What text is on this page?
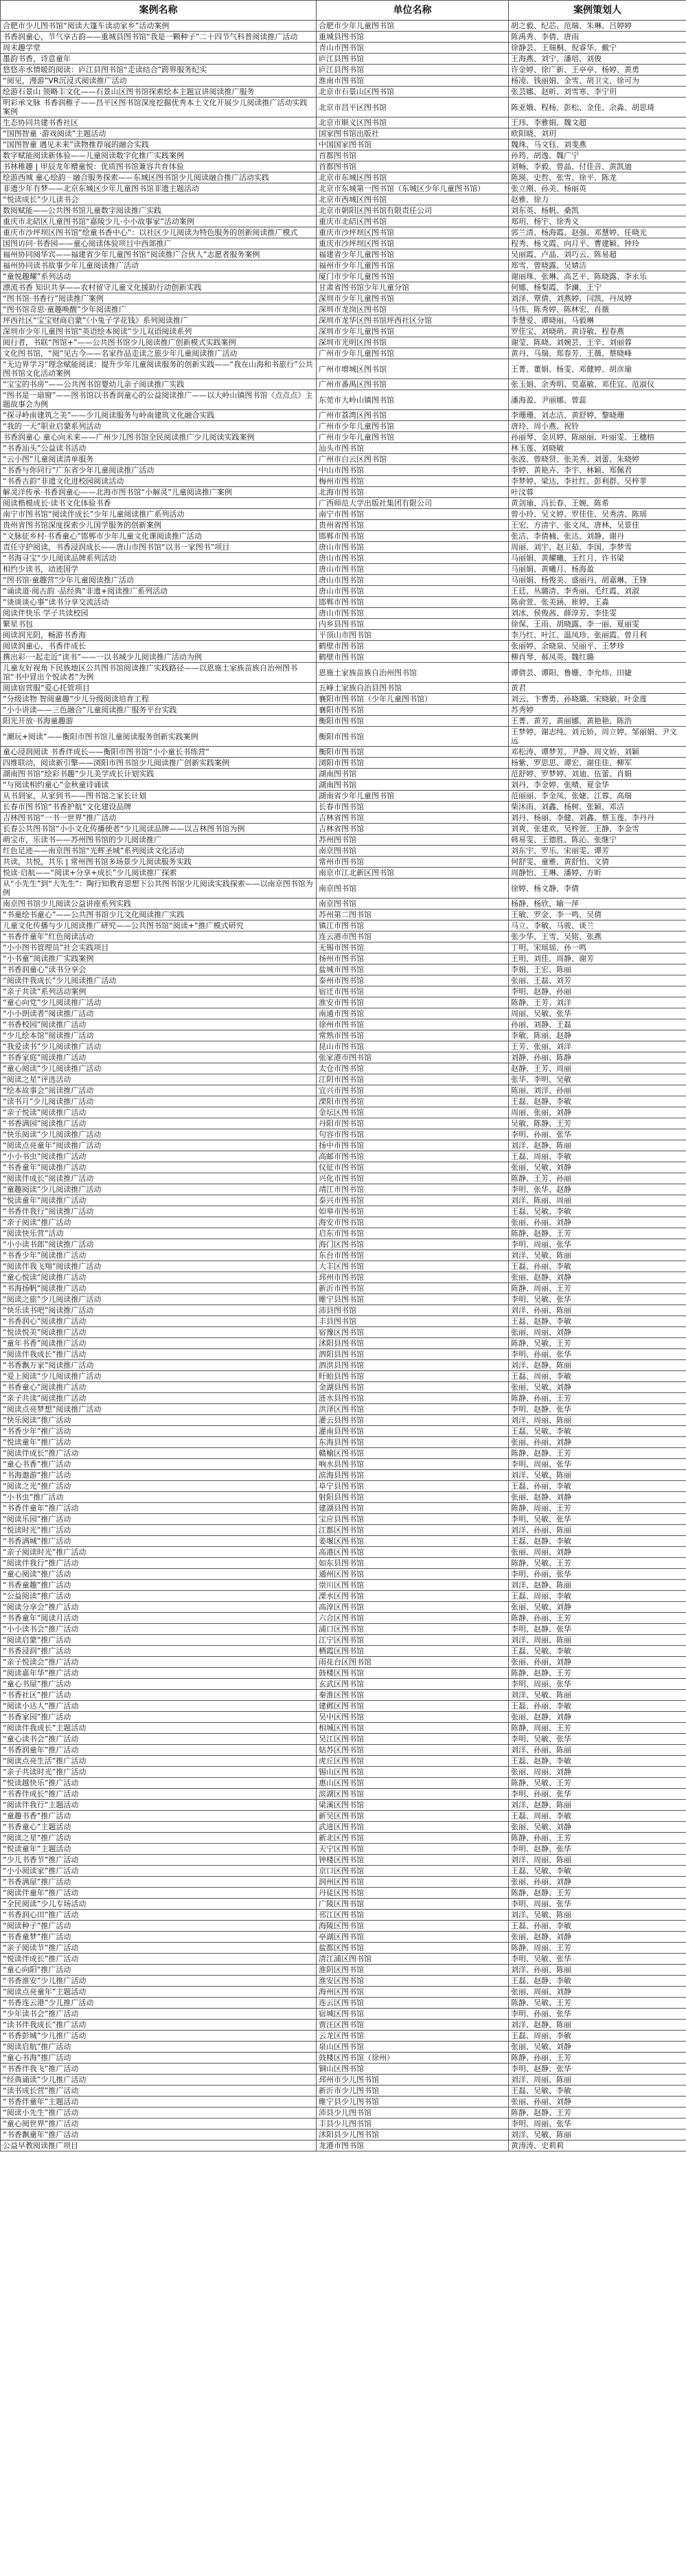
案例名称	单位名称	案例策划人
合肥市少儿图书馆“阅读大篷车读动家乡”活动案例	合肥市少年儿童图书馆	胡之毅、纪芯、范瑞、朱琳、吕婷婷
书香润童心，节气享古韵——重城县图书馆“我是一颗种子”二十四节气科普阅读推广活动	重城县图书馆	陈禹秀、李倩、唐雨
周末趣学堂	青山市图书馆	徐静芸、王瑞桐、倪睿华、戴宁
墨韵书香，诗意童年	庐江县图书馆	王海燕、刘宁、潘培、刘俊
悠悠赤水情暖的阅读：庐江县图书馆“走读结合”跨界服务纪实	庐江县图书馆	许金婷、徐广新、王亭亭、杨婷、黄勇
“阅见，漫游”VR沉浸式阅读推广活动	淮南市图书馆	杨凌、钱丽娟、金雪、胡卫文、徐可为
绘游石景山 领略丰文化——石景山区图书馆探索绘本主题宣讲阅读推广服务	北京市石景山区图书馆	张芸娜、赵昕、刘雪寒、李宁玥
明彩承文脉 书香润稚子——昌平区图书馆深度挖掘优秀本土文化开展少儿阅读推广活动实践案例	北京市昌平区图书馆	陈亚娥、程杨、彭松、金佳、余淼、胡思琦
生态协同共建书香社区	北京市顺义区图书馆	王玮、李雅娟、魏文超
“国图智童 ·游戏阅读”主题活动	国家图书馆出版社	欧阳晓、刘玥
“国图智童 遇见未来”读物推荐展的融合实践	中国国家图书馆	魏珠、马文钰、刘斐燕
数字赋能阅读新体验——儿童阅读数字化推广实践案例	首都图书馆	孙筠、胡逸、魏广宁
书林稚趣 | 甲辰龙年赠童悦：优质图书馆兼容共育体验	首都图书馆	刘畅、李毅、曾晶、付佳音、黄凯迪
绘游西城 童心绘韵 · 融合服务探索——东城区图书馆少儿阅读融合推广活动实践	北京市东城区图书馆	陈瑛、史哲、张雪、徐平、陈龙
非遗少年有梦——北京东城区少年儿童图书馆非遗主题活动	北京市东城第一图书馆（东城区少年儿童图书馆）	张立刚、孙美、杨丽英
“悦读成长”少儿读书会	北京市西城区图书馆	赵雅、徐力
数阅赋能——公共图书馆儿童数字阅读推广实践	北京市朝阳区图书馆有限责任公司	刘东英、杨帆、桑凯
重庆市北碚区儿童图书馆“嘉陵少儿·小小故事家”活动案例	重庆市北碚区图书馆	郑玥、杨宇、徐秀义
重庆市沙坪坝区图书馆“绘童书香中心”：以社区少儿阅读为特色服务的创新阅读推广模式	重庆市沙坪坝区图书馆	郭兰清、杨海霞、赵强、邓慧婷、任晓光
国图访问·书香园——童心阅读体验项目中西部推广	重庆市沙坪坝区图书馆	程秀、杨文霞、向月平、曹建颖、钟玲
福州协同阅华宾——福建省少年儿童图书馆“阅读推广合伙人”志愿者服务案例	福建省少年儿童图书馆	吴丽霞、卢晶、刘巧云、陈易超
福州协同读书故事少年儿童阅读推广活动	福州市少年儿童图书馆	郑雪、曾晓露、吴婧洁
“童悦趣耀”系列活动	厦门市少年儿童图书馆	谢丽珠、张琳、高艺平、陈晓露、李永乐
漂流书香 知识共享——农村留守儿童文化援助行动创新实践	甘肃省图书馆少年儿童分馆	何娜、杨梨霞、李澜、王宁
“图书馆·书香行”阅读推广案例	深圳市少年儿童图书馆	刘泽、覃倩、刘燕婷、闫凯、丹凤婷
“图书馆奇思·童趣唤醒”少年阅读推广	深圳市龙岗区图书馆	马伟、陈秀婷、陈林宏、肖薇
坪西社区“宝宝财商启蒙”《小兔子学花钱》系列阅读推广	深圳市龙华区图书馆坪西社区分馆	李慧爱、谭晓丽、马毅琳
深圳市少年儿童图书馆“英语绘本阅读”少儿双语阅读系列	深圳市少年儿童图书馆	罗佳宝、刘晓萌、黄诗敏、程春燕
阅行者，书联“图馆+”——公共图书馆少儿阅读推广创新模式实践案例	深圳市光明区图书馆	谢莹、陈晓、刘婉芸、王辛、刘丽蓉
文化图书馆，“阅”见古今——名家作品走读之旅少年儿童阅读推广活动	广州市少年儿童图书馆	黄丹、马瑞、郑春芳、王薇、蔡晓峰
“无边界学习”理念赋能阅读：提升少年儿童阅读服务的创新实践——“我在山海和书旅行”公共图书馆文化活动案例	广州市增城区图书馆	王菁、董娟、杨雯、邓健婷、胡彦瑜
“宝宝的书房”——公共图书馆婴幼儿亲子阅读推广实践	广州市番禺区图书馆	张玉娟、余秀明、莫嘉敏、邓佳宜、范淑仪
“图书是一扇窗”——图书馆以书香润童心的公益阅读推广——以大岭山镇图书馆《点点点》主题故事会为例	东莞市大岭山镇图书馆	潘海盈、尹丽娜、曾蕊
“探寻岭南建筑之美”——少儿阅读服务与岭南建筑文化融合实践	广州市荔湾区图书馆	李珊珊、刘志洁、黄舒婷、黎晓珊
“我的一天”职业启蒙系列活动	广州市少年儿童图书馆	唐玲、周小燕、祝铃
书香润童心 童心向未来——广州少儿图书馆全民阅读推广少儿阅读实践案例	广州市少年儿童图书馆	孙丽琴、金贝婷、陈丽丽、叶丽雯、王穗榕
“书香汕头”公益读书活动	汕头市图书馆	林玉莲、刘晓敏
“云小图”儿童阅读清单服务	广州市白云区图书馆	张波、曾晓贤、张美秀、刘蕾、朱晓婷
“书香与你同行”广东省少年儿童阅读推广活动	中山市图书馆	李婷、黄艳卉、李宇、林颖、郑佩君
“书香古韵”非遗文化进校园阅读活动	梅州市图书馆	李梦婷、梁达、李社红、彭利群、吴梓菲
解灵洋传承·书香润童心——北海市图书馆“小解灵”儿童阅读推广案例	北海市图书馆	叶汶蓉
阅读楷模成长·读书文化体验书香	广西师范大学出版社集团有限公司	黄剑瑜、冯长春、王婉、陈希
南宁市图书馆“阅读伴成长”少年儿童阅读推广系列活动	南宁市图书馆	曾小玲、吴文婷、罗佳佳、吴秀清、陈瑶
贵州省图书馆深度探索少儿国学服务的创新案例	贵州省图书馆	王宏、方清宇、张文凤、唐林、吴景佳
“文脉征乡村·书香童心”邯郸市少年儿童文化课阅读推广活动	邯郸市图书馆	张洁、李倩楠、张达、刘静、谢丹
责任守护阅读，书香浸润成长——唐山市图书馆“以书一家图书”项目	唐山市图书馆	周丽、刘宇、赵卫茹、李国、李梦雪
“书海寻宝”少儿阅读品牌系列活动	唐山市图书馆	马丽娟、黄耀曦、王红月、许书梁
相约少读书，动迹国学	唐山市图书馆	马丽娟、黄曦月、杨海盈
“图书馆·童趣营”少年儿童阅读推广活动	唐山市图书馆	马丽娟、杨俊美、盛丽丹、胡嘉琳、王锋
“诵读道·阅古韵 ·品经典”非遗+阅读推广系列活动	唐山市图书馆	王廷、丛璐清、李秀丽、毛红霞、刘淑
“谈谈谈心事”读书分享交流活动	邯郸市图书馆	陈俞萱、张美涵、崔婷、王淼
阅读伴快乐 学子共读校园	唐山市图书馆	刘冰、侯俊茜、薛淳芳、李佳雯
繁星书包	内乡县图书馆	徐保、王雨、胡晓露、李一丽、夏丽雯
阅读润光阴，畅游书香海	平顶山市图书馆	李乃红、叶江、温凤珍、张丽霞、曾月利
阅读润童心，书香伴成长	鹤壁市图书馆	张丽婷、余晓泉、吴丽平、王梦珍
携出彩·一起走近“读书”——一以书城少儿阅读推广活动为例	鹤壁市图书馆	柳肖琴、郝凤英、魏红璐
儿童友好视角下民族地区公共图书馆阅读推广实践路径——以恩施土家族苗族自治州图书馆“书中冒出个悦读者”为例	恩施土家族苗族自治州图书馆	谭倩芸、谭阳、鲁姗、李允炜、田婕
阅读宿营服”爱心托管项目	五峰土家族自治县图书馆	黄君
“分级读物 智阅童趣”少儿分级阅读培育工程	襄阳市图书馆（少年儿童图书馆）	刘云、卞曹勇、孙晓璐、宋晓敏、叶金莲
“小小讲读——三色融合”儿童阅读推广服务平台实践	襄阳市图书馆	苏秀婷
阳光开放·书海童趣游	衡阳市图书馆	王菁、黄芳、黄丽娜、黄艳艳、陈浩
“潮玩+阅读”——衡阳市图书馆儿童阅读服务创新实践案例	衡阳市图书馆	王梦婷、谢志纯、刘元娇、周立婷、邹丽娟、尹文远
童心浸润阅读 书香伴成长——衡阳市图书馆“小小童长书练营”	衡阳市图书馆	邓松涛、谭梦芳、尹静、周文娇、刘颖
四维联动，阅读新引擎——浏阳市图书馆少儿阅读推广创新实践案例	浏阳市图书馆	杨紫、罗思思、谭宏、谢佳佳、柳军
湖南图书馆“绘彩书趣”少儿美学成长计划实践	湖南图书馆	范舒婷、罗梦婷、刘迪、伍蕾、肖娟
“与阅读相约童心”金秋童诗诵读	湖南图书馆	刘丹、李金婷、张晴、夏金华
从书到家，从家到书——图书馆之家长计划	湖南省少年儿童图书馆	范丽丽、李金凤、张婕、江蓉、高瑞
长春市图书馆“书香护航”文化建设品牌	长春市图书馆	柴沐雨、刘鑫、杨树、张颖、邓洁
吉林图书馆“一书一世界”推广活动	吉林省图书馆	刘丹、杨丽、李健、刘鑫、蔡玉莲、李丹丹
长春公共图书馆“小小文化传播使者”少儿阅读品牌——以吉林图书馆为例	吉林省图书馆	刘爽、张建欢、吴梓萱、王静、李金雪
萌宝市，乐读书——苏州图书馆的少儿阅读推广	苏州图书馆	韩易雯、王德胜、陈沁、张继宁
红色足迹——南京图书馆“光辉圣城”系列阅读文化活动	南京图书馆	刘东宇、罗乐、宋丽雯、谭芳
共读，共悦，共乐 | 常州图书馆多场景少儿阅读服务实践	常州市图书馆	何舒雯、童雅、黄舒怡、文倩
悦读·启航——“阅读+分享+成长”少儿阅读推广探索	南京市江北新区图书馆	周静怡、王琳、潘婷、方昕
从“小先生”到“大先生”：陶行知教育思想下公共图书馆少儿阅读实践探索——以南京图书馆为例	南京图书馆	徐婷、杨文静、李倩
南京图书馆少儿阅读公益讲座系列实践	南京图书馆	杨静、杨欣、喻一萍
“书童绘书童心”——公共图书馆少儿文化阅读推广实践	苏州第二图书馆	王敏、罗金、李一鸣、吴倩
儿童文化传播与少儿阅读推广研究——公共图书馆“阅读+”推广模式研究	镇江市图书馆	马立、李敏、马骏、谈兰
“书香伴童年”红色阅读活动	连云港市图书馆	张少华、王雪、吴铭、张燕
“小小图书管理员”社会实践项目	无锡市图书馆	丁明、宋瑶瑶、孙一鸣
“小书童”阅读推广实践案例	扬州市图书馆	王明、刘佳、周静、谢芳
“书香润童心”读书分享会	盐城市图书馆	李娟、王宏、陈丽
“阅读伴我成长”少儿阅读推广活动	泰州市图书馆	张丽、王磊、刘芳
“亲子共读”系列活动案例	宿迁市图书馆	李明、赵静、孙丽
“童心向党”少儿阅读推广活动	淮安市图书馆	陈静、王芳、刘洋
“小小朗读者”阅读推广活动	南通市图书馆	周丽、吴敏、张华
“书香校园”阅读推广活动	徐州市图书馆	孙丽、刘静、王磊
“少儿绘本馆”阅读推广活动	常熟市图书馆	李敏、陈丽、赵静
“我爱读书”少儿阅读推广活动	昆山市图书馆	王芳、张丽、刘洋
“书香家庭”阅读推广活动	张家港市图书馆	刘静、孙丽、陈静
“童心阅读”少儿阅读推广活动	太仓市图书馆	赵静、王芳、周丽
“阅读之星”评选活动	江阴市图书馆	张华、李明、吴敏
“绘本故事会”阅读推广活动	宜兴市图书馆	陈丽、刘洋、孙丽
“读书月”少儿阅读推广活动	溧阳市图书馆	王磊、赵静、李敏
“亲子悦读”阅读推广活动	金坛区图书馆	周丽、张丽、刘静
“书香满园”阅读推广活动	丹阳市图书馆	吴敏、陈静、王芳
“快乐阅读”少儿阅读推广活动	句容市图书馆	李明、孙丽、张华
“阅读点亮童年”阅读推广活动	扬中市图书馆	刘洋、赵静、陈丽
“小小书虫”阅读推广活动	高邮市图书馆	王磊、周丽、李敏
“书香童年”阅读推广活动	仪征市图书馆	张丽、吴敏、刘静
“阅读伴成长”阅读推广活动	兴化市图书馆	陈静、王芳、孙丽
“童趣阅读”少儿阅读推广活动	靖江市图书馆	李明、张华、赵静
“悦读童年”阅读推广活动	泰兴市图书馆	刘洋、陈丽、周丽
“书香伴我行”阅读推广活动	如皋市图书馆	王磊、吴敏、李敏
“亲子阅读”推广活动	海安市图书馆	张丽、孙丽、刘静
“阅读快乐营”活动	启东市图书馆	陈静、赵静、王芳
“小小读书郎”阅读推广活动	海门区图书馆	李明、周丽、张华
“书香少年”阅读推广活动	东台市图书馆	刘洋、吴敏、陈丽
“阅读伴我飞翔”阅读推广活动	大丰区图书馆	王磊、孙丽、李敏
“童心悦读”阅读推广活动	邳州市图书馆	张丽、赵静、刘静
“书海扬帆”阅读推广活动	新沂市图书馆	陈静、周丽、王芳
“阅读之旅”少儿阅读推广活动	睢宁县图书馆	李明、吴敏、张华
“快乐读书吧”阅读推广活动	沛县图书馆	刘洋、孙丽、陈丽
“书香润心”阅读推广活动	丰县图书馆	王磊、赵静、李敏
“悦读悦美”阅读推广活动	宿豫区图书馆	张丽、周丽、刘静
“童年书香”阅读推广活动	沭阳县图书馆	陈静、吴敏、王芳
“阅读伴我成长”推广活动	泗阳县图书馆	李明、孙丽、张华
“书香飘万家”阅读推广活动	泗洪县图书馆	刘洋、赵静、陈丽
“爱上阅读”少儿阅读推广活动	盱眙县图书馆	王磊、周丽、李敏
“书香童心”阅读推广活动	金湖县图书馆	张丽、吴敏、刘静
“亲子共读”阅读推广活动	涟水县图书馆	陈静、孙丽、王芳
“阅读点亮梦想”阅读推广活动	洪泽区图书馆	李明、赵静、张华
“快乐阅读”推广活动	灌云县图书馆	刘洋、周丽、陈丽
“书香少年”推广活动	灌南县图书馆	王磊、吴敏、李敏
“悦读童年”推广活动	东海县图书馆	张丽、孙丽、刘静
“阅读伴成长”推广活动	赣榆区图书馆	陈静、赵静、王芳
“童心书香”推广活动	响水县图书馆	李明、周丽、张华
“书海遨游”推广活动	滨海县图书馆	刘洋、吴敏、陈丽
“阅读之光”推广活动	阜宁县图书馆	王磊、孙丽、李敏
“小书虫”推广活动	射阳县图书馆	张丽、赵静、刘静
“书香伴童年”推广活动	建湖县图书馆	陈静、周丽、王芳
“阅读乐园”推广活动	宝应县图书馆	李明、吴敏、张华
“悦读时光”推广活动	江都区图书馆	刘洋、孙丽、陈丽
“书香满城”推广活动	姜堰区图书馆	王磊、赵静、李敏
“亲子阅读时光”推广活动	高港区图书馆	张丽、周丽、刘静
“阅读伴我行”推广活动	如东县图书馆	陈静、吴敏、王芳
“童心阅读”推广活动	通州区图书馆	李明、孙丽、张华
“书香童趣”推广活动	崇川区图书馆	刘洋、赵静、陈丽
“公益阅读”推广活动	溧水区图书馆	王磊、周丽、李敏
“阅读分享会”推广活动	高淳区图书馆	张丽、吴敏、刘静
“书香童年”阅读月活动	六合区图书馆	陈静、孙丽、王芳
“小小读书会”推广活动	浦口区图书馆	李明、赵静、张华
“阅读启蒙”推广活动	江宁区图书馆	刘洋、周丽、陈丽
“书香浸润”推广活动	栖霞区图书馆	王磊、吴敏、李敏
“亲子悦读会”推广活动	雨花台区图书馆	张丽、孙丽、刘静
“阅读嘉年华”推广活动	鼓楼区图书馆	陈静、赵静、王芳
“童心书屋”推广活动	玄武区图书馆	李明、周丽、张华
“书香社区”推广活动	秦淮区图书馆	刘洋、吴敏、陈丽
“阅读小达人”推广活动	建邺区图书馆	王磊、孙丽、李敏
“书香家园”推广活动	吴中区图书馆	张丽、赵静、刘静
“阅读伴我成长”主题活动	相城区图书馆	陈静、周丽、王芳
“童心读书会”推广活动	吴江区图书馆	李明、吴敏、张华
“书香润童年”推广活动	姑苏区图书馆	刘洋、孙丽、陈丽
“阅读点亮生活”推广活动	虎丘区图书馆	王磊、赵静、李敏
“亲子共读时光”推广活动	锡山区图书馆	张丽、周丽、刘静
“悦读越快乐”推广活动	惠山区图书馆	陈静、吴敏、王芳
“书香伴成长”推广活动	滨湖区图书馆	李明、孙丽、张华
“阅读伴我行”主题活动	梁溪区图书馆	刘洋、赵静、陈丽
“童趣书香”推广活动	新吴区图书馆	王磊、周丽、李敏
“书香童心”主题活动	武进区图书馆	张丽、吴敏、刘静
“阅读之星”推广活动	新北区图书馆	陈静、孙丽、王芳
“悦读童年”主题活动	天宁区图书馆	李明、赵静、张华
“少儿书香节”推广活动	钟楼区图书馆	刘洋、周丽、陈丽
“小小阅读家”推广活动	京口区图书馆	王磊、吴敏、李敏
“书香满屋”推广活动	润州区图书馆	张丽、孙丽、刘静
“阅读伴童年”推广活动	丹徒区图书馆	陈静、赵静、王芳
“全民阅读”少儿专场活动	广陵区图书馆	李明、周丽、张华
“书香润心田”推广活动	邗江区图书馆	刘洋、吴敏、陈丽
“阅读种子”推广活动	海陵区图书馆	王磊、孙丽、李敏
“书香童梦”推广活动	亭湖区图书馆	张丽、赵静、刘静
“亲子阅读节”推广活动	盐都区图书馆	陈静、周丽、王芳
“悦读伴成长”推广活动	清江浦区图书馆	李明、吴敏、张华
“童心向阳”推广活动	淮阴区图书馆	刘洋、孙丽、陈丽
“书香淮安”少儿推广活动	淮安区图书馆	王磊、赵静、李敏
“阅读点亮童年”主题活动	海州区图书馆	张丽、周丽、刘静
“书香连云港”少儿推广活动	连云区图书馆	陈静、吴敏、王芳
“少年读书会”推广活动	宿城区图书馆	李明、孙丽、张华
“读书伴我成长”推广活动	贾汪区图书馆	刘洋、赵静、陈丽
“书香彭城”少儿推广活动	云龙区图书馆	王磊、周丽、李敏
“阅读启航”推广活动	泉山区图书馆	张丽、吴敏、刘静
“童心书海”推广活动	鼓楼区图书馆（徐州）	陈静、孙丽、王芳
“书香伴我飞”推广活动	铜山区图书馆	李明、赵静、张华
“经典诵读”少儿推广活动	邳州市少儿图书馆	刘洋、周丽、陈丽
“读书成长营”推广活动	新沂市少儿图书馆	王磊、吴敏、李敏
“书香伴童年”主题活动	睢宁县少儿图书馆	张丽、孙丽、刘静
“阅读小先生”推广活动	沛县少儿图书馆	陈静、赵静、王芳
“童心阅世界”推广活动	丰县少儿图书馆	李明、周丽、张华
“书香飘童年”推广活动	沭阳县少儿图书馆	刘洋、吴敏、陈丽
公益早教阅读推广项目	龙港市图书馆	黄涛涛、史莉莉
